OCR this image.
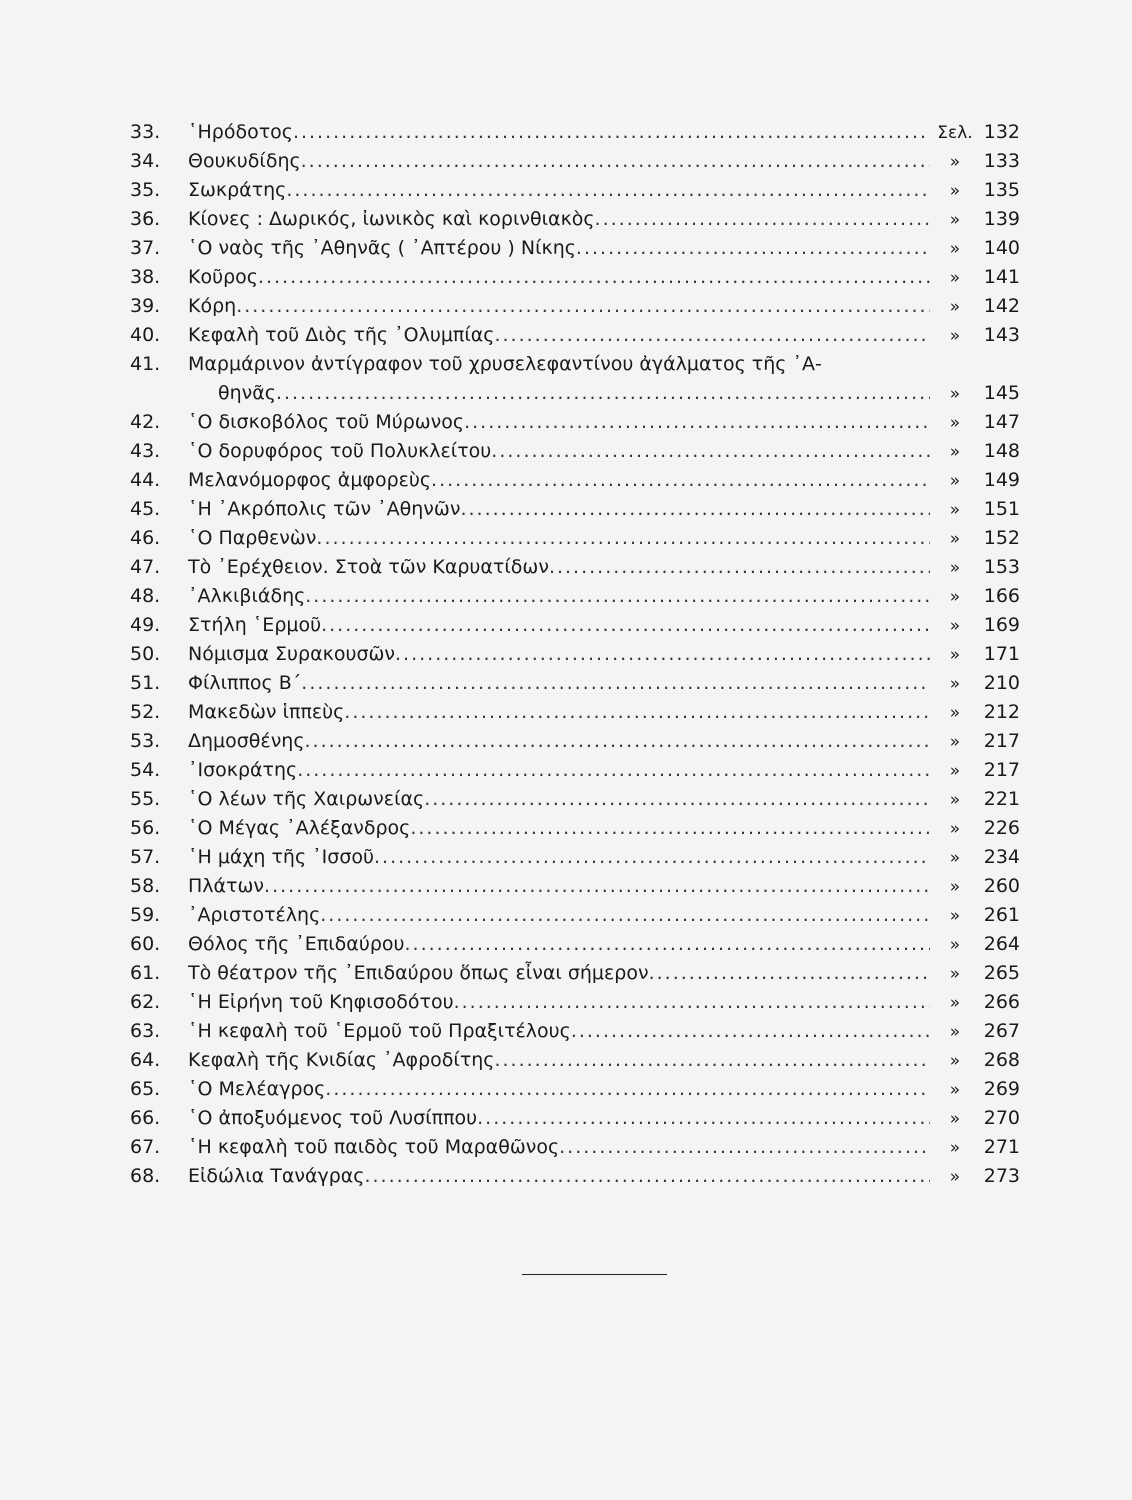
33.	῾Ηρόδοτος .....	Σελ. 132
34.	Θουκυδίδης .....	»	133
35.	Σωκράτης .....	»	135
36.	Κίονες : Δωρικός, ἰωνικὸς καὶ κορινθιακὸς .....	»	139
37.	῾Ο ναὸς τῆς ᾿Αθηνᾶς ( ᾿Απτέρου ) Νίκης .....	»	140
38.	Κοῦρος .....	»	141
39.	Κόρη .....	»	142
40.	Κεφαλὴ τοῦ Διὸς τῆς ᾿Ολυμπίας .....	»	143
41.	Μαρμάρινον ἀντίγραφον τοῦ χρυσελεφαντίνου ἀγάλματος τῆς ᾿Α-
θηνᾶς .....	»	145
42.	῾Ο δισκοβόλος τοῦ Μύρωνος .....	»	147
43.	῾Ο δορυφόρος τοῦ Πολυκλείτου .....	»	148
44.	Μελανόμορφος ἀμφορεὺς .....	»	149
45.	῾Η ᾿Ακρόπολις τῶν ᾿Αθηνῶν .....	»	151
46.	῾Ο Παρθενὼν .....	»	152
47.	Τὸ ᾿Ερέχθειον. Στοὰ τῶν Καρυατίδων .....	»	153
48.	᾿Αλκιβιάδης .....	»	166
49.	Στήλη ῾Ερμοῦ .....	»	169
50.	Νόμισμα Συρακουσῶν .....	»	171
51.	Φίλιππος Β΄ .....	»	210
52.	Μακεδὼν ἱππεὺς .....	»	212
53.	Δημοσθένης .....	»	217
54.	᾿Ισοκράτης .....	»	217
55.	῾Ο λέων τῆς Χαιρωνείας .....	»	221
56.	῾Ο Μέγας ᾿Αλέξανδρος .....	»	226
57.	῾Η μάχη τῆς ᾿Ισσοῦ .....	»	234
58.	Πλάτων .....	»	260
59.	᾿Αριστοτέλης .....	»	261
60.	Θόλος τῆς ᾿Επιδαύρου .....	»	264
61.	Τὸ θέατρον τῆς ᾿Επιδαύρου ὅπως εἶναι σήμερον .....	»	265
62.	῾Η Εἰρήνη τοῦ Κηφισοδότου .....	»	266
63.	῾Η κεφαλὴ τοῦ ῾Ερμοῦ τοῦ Πραξιτέλους .....	»	267
64.	Κεφαλὴ τῆς Κνιδίας ᾿Αφροδίτης .....	»	268
65.	῾Ο Μελέαγρος .....	»	269
66.	῾Ο ἀποξυόμενος τοῦ Λυσίππου .....	»	270
67.	῾Η κεφαλὴ τοῦ παιδὸς τοῦ Μαραθῶνος .....	»	271
68.	Εἰδώλια Τανάγρας .....	»	273
